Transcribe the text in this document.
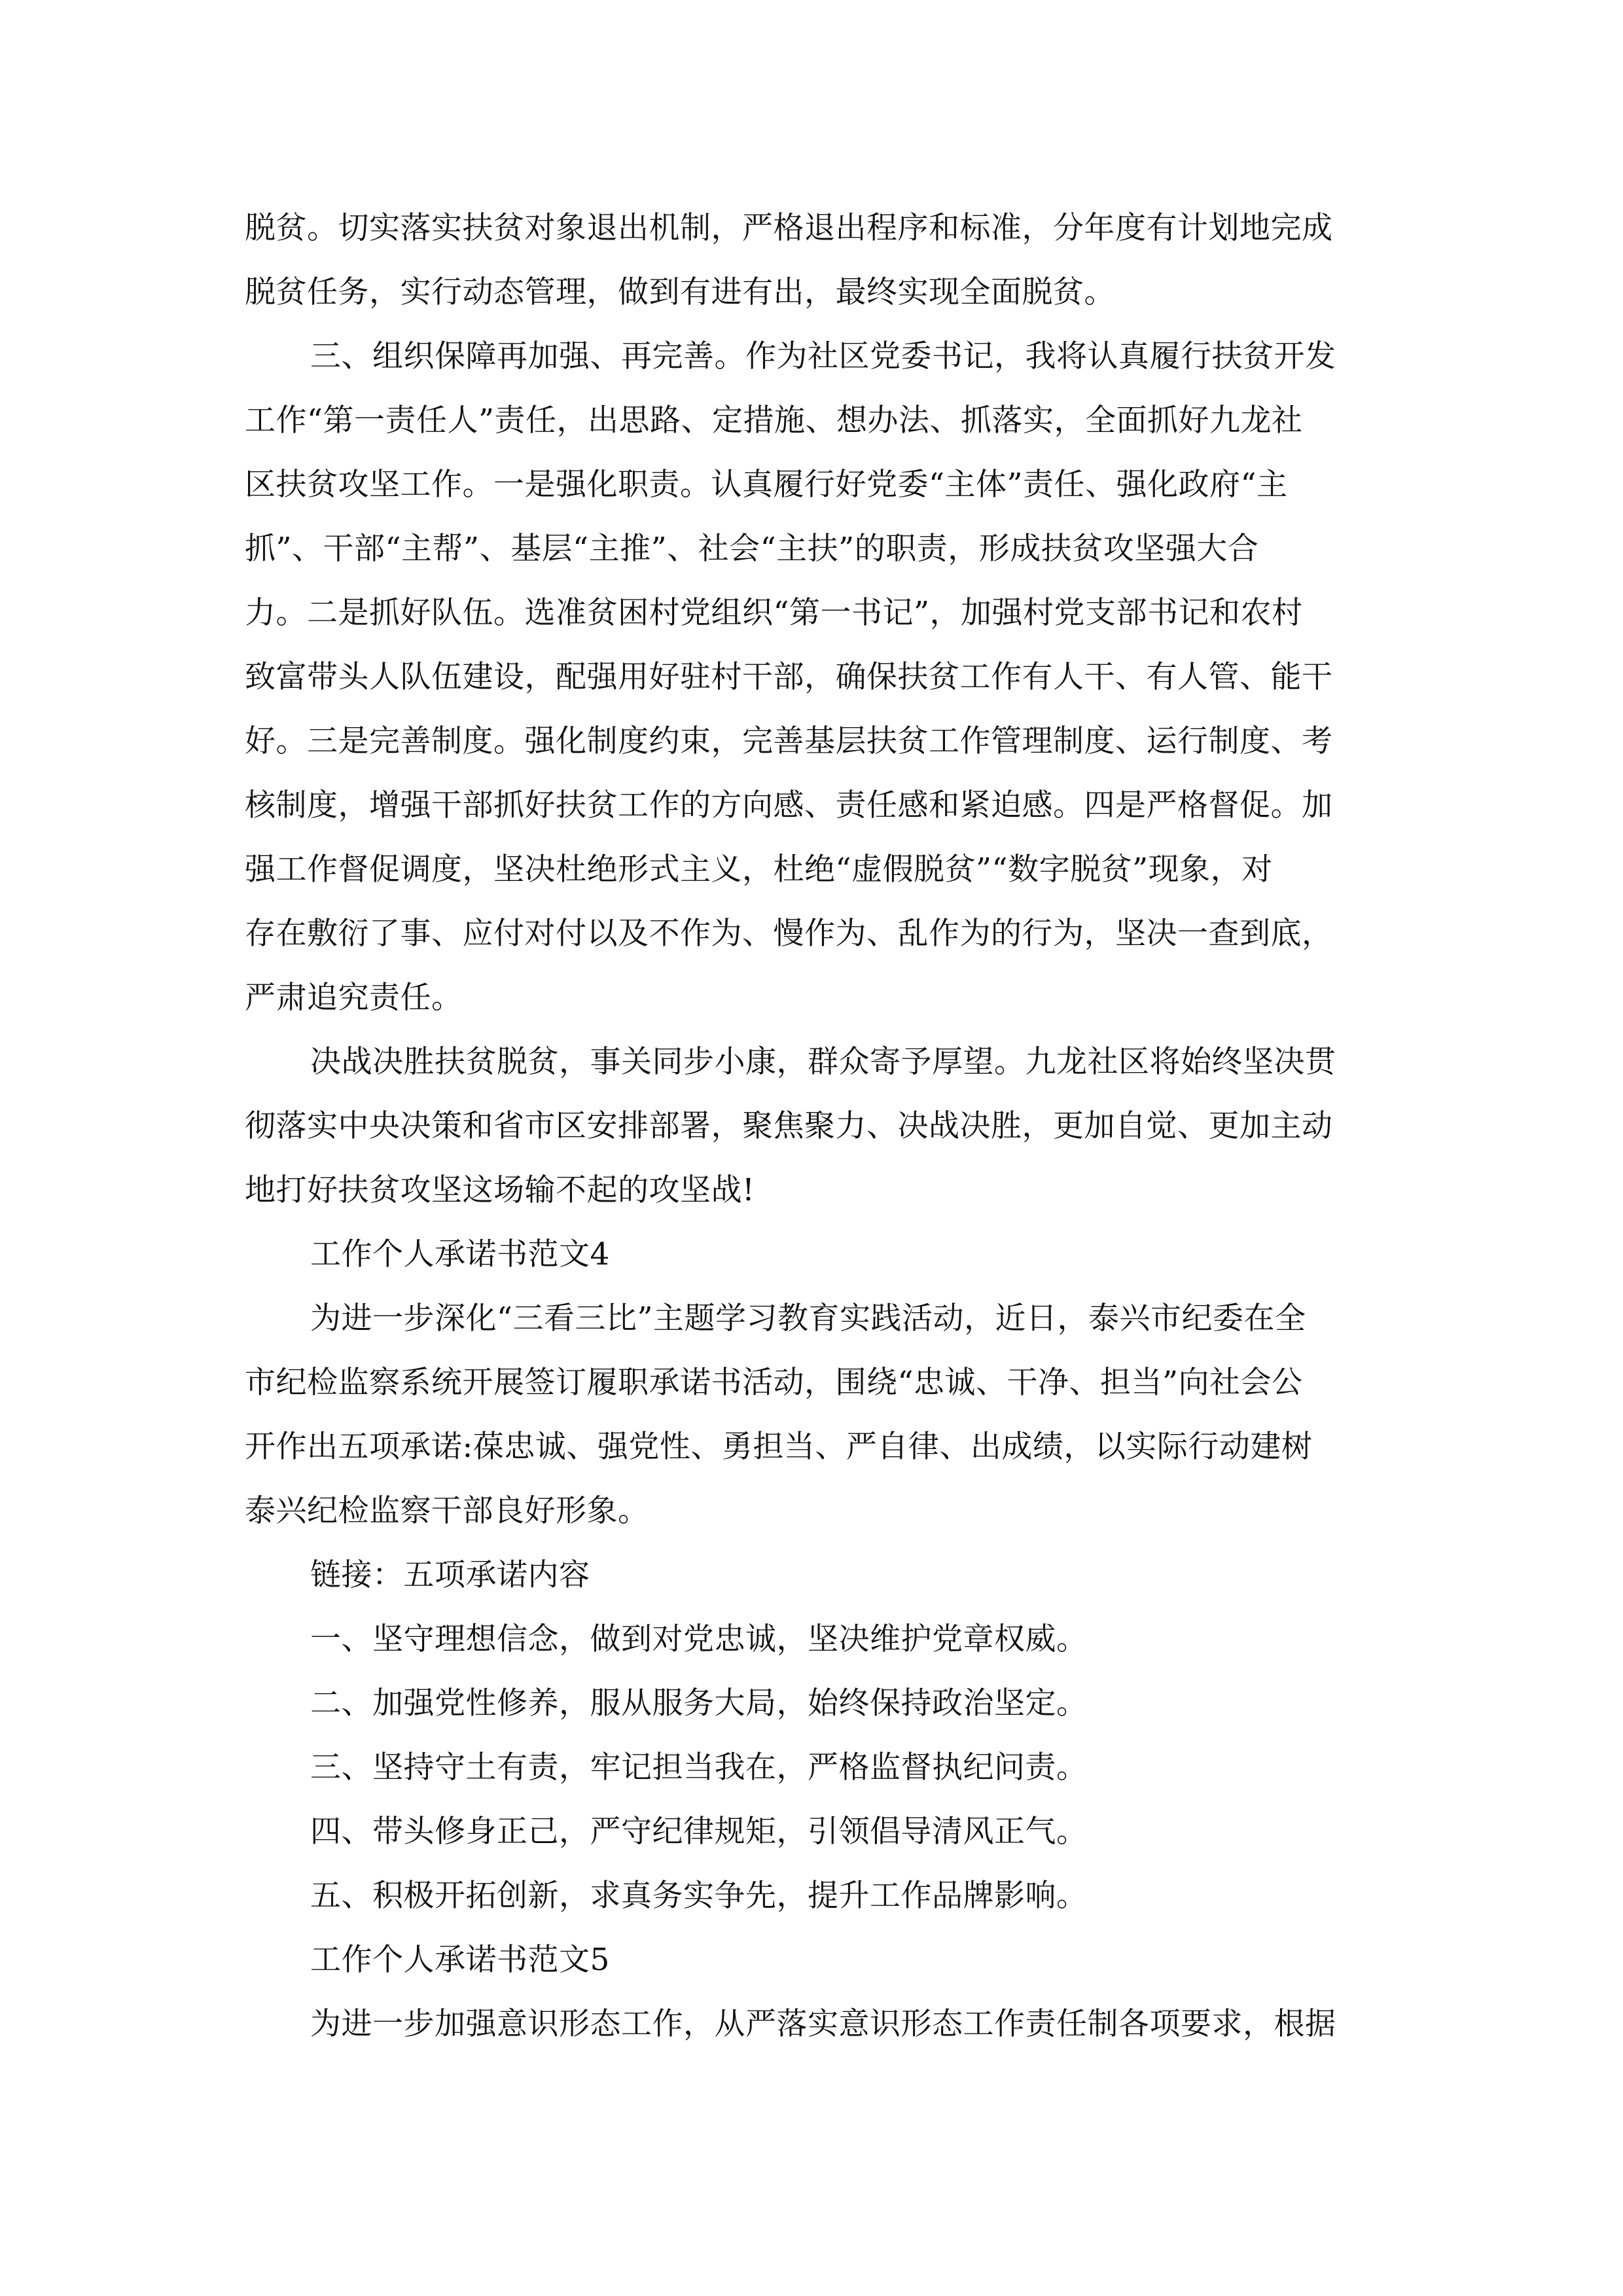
脱贫。切实落实扶贫对象退出机制，严格退出程序和标准，分年度有计划地完成
脱贫任务，实行动态管理，做到有进有出，最终实现全面脱贫。
三、组织保障再加强、再完善。作为社区党委书记，我将认真履行扶贫开发
工作“第一责任人”责任，出思路、定措施、想办法、抓落实，全面抓好九龙社
区扶贫攻坚工作。一是强化职责。认真履行好党委“主体”责任、强化政府“主
抓”、干部“主帮”、基层“主推”、社会“主扶”的职责，形成扶贫攻坚强大合
力。二是抓好队伍。选准贫困村党组织“第一书记”，加强村党支部书记和农村
致富带头人队伍建设，配强用好驻村干部，确保扶贫工作有人干、有人管、能干
好。三是完善制度。强化制度约束，完善基层扶贫工作管理制度、运行制度、考
核制度，增强干部抓好扶贫工作的方向感、责任感和紧迫感。四是严格督促。加
强工作督促调度，坚决杜绝形式主义，杜绝“虚假脱贫”“数字脱贫”现象，对
存在敷衍了事、应付对付以及不作为、慢作为、乱作为的行为，坚决一查到底，
严肃追究责任。
决战决胜扶贫脱贫，事关同步小康，群众寄予厚望。九龙社区将始终坚决贯
彻落实中央决策和省市区安排部署，聚焦聚力、决战决胜，更加自觉、更加主动
地打好扶贫攻坚这场输不起的攻坚战!
工作个人承诺书范文4
为进一步深化“三看三比”主题学习教育实践活动，近日，泰兴市纪委在全
市纪检监察系统开展签订履职承诺书活动，围绕“忠诚、干净、担当”向社会公
开作出五项承诺:葆忠诚、强党性、勇担当、严自律、出成绩，以实际行动建树
泰兴纪检监察干部良好形象。
链接：五项承诺内容
一、坚守理想信念，做到对党忠诚，坚决维护党章权威。
二、加强党性修养，服从服务大局，始终保持政治坚定。
三、坚持守土有责，牢记担当我在，严格监督执纪问责。
四、带头修身正己，严守纪律规矩，引领倡导清风正气。
五、积极开拓创新，求真务实争先，提升工作品牌影响。
工作个人承诺书范文5
为进一步加强意识形态工作，从严落实意识形态工作责任制各项要求，根据
